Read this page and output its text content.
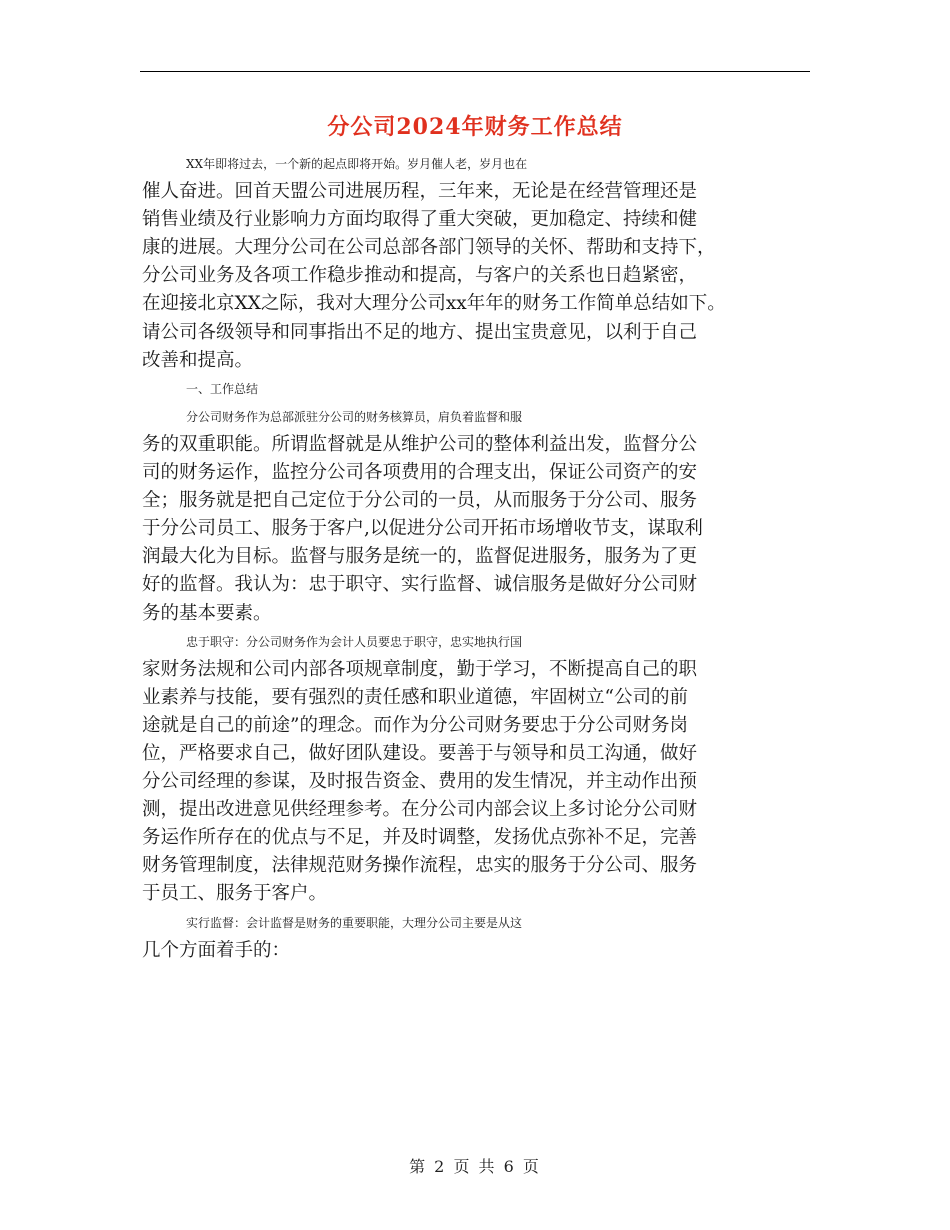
分公司2024年财务工作总结
XX年即将过去，一个新的起点即将开始。岁月催人老，岁月也在
催人奋进。回首天盟公司进展历程，三年来，无论是在经营管理还是
销售业绩及行业影响力方面均取得了重大突破，更加稳定、持续和健
康的进展。大理分公司在公司总部各部门领导的关怀、帮助和支持下，
分公司业务及各项工作稳步推动和提高，与客户的关系也日趋紧密，
在迎接北京XX之际，我对大理分公司xx年年的财务工作简单总结如下。
请公司各级领导和同事指出不足的地方、提出宝贵意见，以利于自己
改善和提高。
一、工作总结
分公司财务作为总部派驻分公司的财务核算员，肩负着监督和服
务的双重职能。所谓监督就是从维护公司的整体利益出发，监督分公
司的财务运作，监控分公司各项费用的合理支出，保证公司资产的安
全；服务就是把自己定位于分公司的一员，从而服务于分公司、服务
于分公司员工、服务于客户,以促进分公司开拓市场增收节支，谋取利
润最大化为目标。监督与服务是统一的，监督促进服务，服务为了更
好的监督。我认为：忠于职守、实行监督、诚信服务是做好分公司财
务的基本要素。
忠于职守：分公司财务作为会计人员要忠于职守，忠实地执行国
家财务法规和公司内部各项规章制度，勤于学习，不断提高自己的职
业素养与技能，要有强烈的责任感和职业道德，牢固树立“公司的前
途就是自己的前途”的理念。而作为分公司财务要忠于分公司财务岗
位，严格要求自己，做好团队建设。要善于与领导和员工沟通，做好
分公司经理的参谋，及时报告资金、费用的发生情况，并主动作出预
测，提出改进意见供经理参考。在分公司内部会议上多讨论分公司财
务运作所存在的优点与不足，并及时调整，发扬优点弥补不足，完善
财务管理制度，法律规范财务操作流程，忠实的服务于分公司、服务
于员工、服务于客户。
实行监督：会计监督是财务的重要职能，大理分公司主要是从这
几个方面着手的：
第 2 页 共 6 页
